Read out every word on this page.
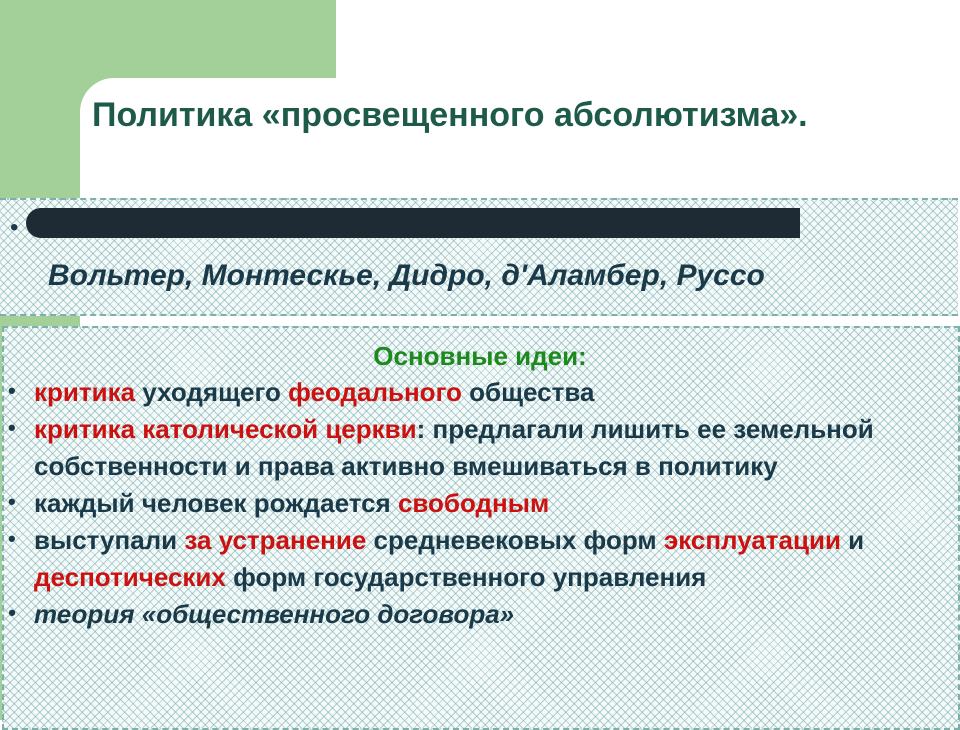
Политика «просвещенного абсолютизма».
• Выдающиеся французские мыслители
Вольтер, Монтескье, Дидро, д'Аламбер, Руссо
Основные идеи:
• критика уходящего феодального общества
• критика католической церкви: предлагали лишить ее земельной собственности и права активно вмешиваться в политику
• каждый человек рождается свободным
• выступали за устранение средневековых форм эксплуатации и деспотических форм государственного управления
• теория «общественного договора»
